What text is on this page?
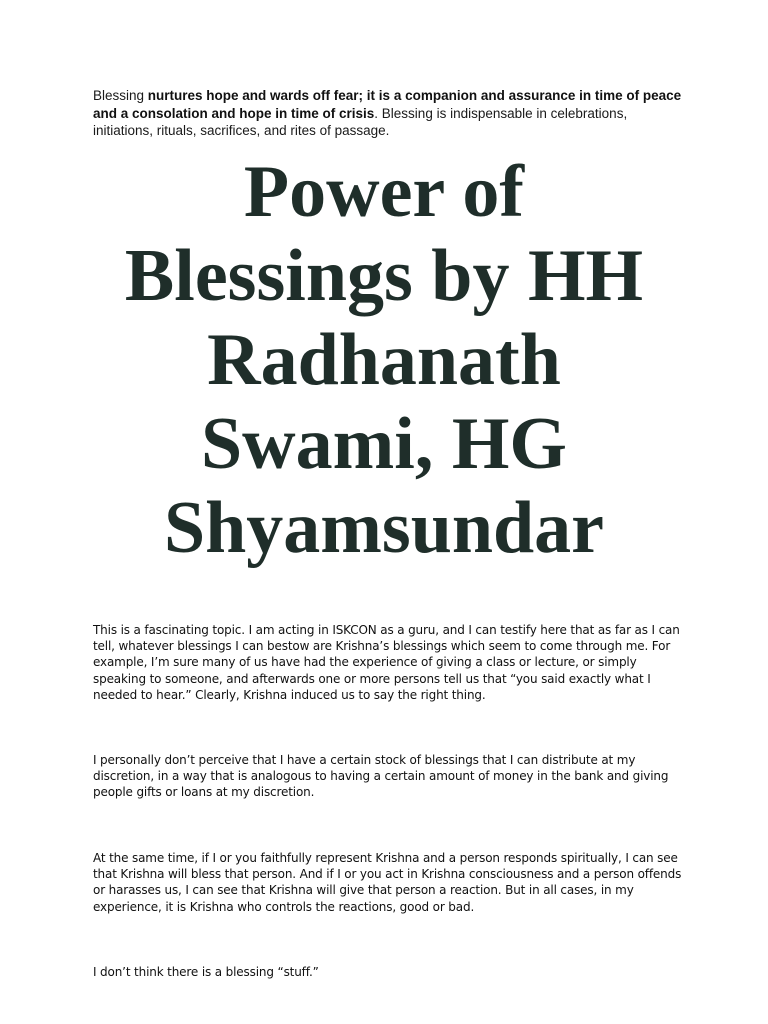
Blessing nurtures hope and wards off fear; it is a companion and assurance in time of peace and a consolation and hope in time of crisis. Blessing is indispensable in celebrations, initiations, rituals, sacrifices, and rites of passage.

Power of
Blessings by HH
Radhanath
Swami, HG
Shyamsundar

This is a fascinating topic. I am acting in ISKCON as a guru, and I can testify here that as far as I can tell, whatever blessings I can bestow are Krishna’s blessings which seem to come through me. For example, I’m sure many of us have had the experience of giving a class or lecture, or simply speaking to someone, and afterwards one or more persons tell us that “you said exactly what I needed to hear.” Clearly, Krishna induced us to say the right thing.

I personally don’t perceive that I have a certain stock of blessings that I can distribute at my discretion, in a way that is analogous to having a certain amount of money in the bank and giving people gifts or loans at my discretion.

At the same time, if I or you faithfully represent Krishna and a person responds spiritually, I can see that Krishna will bless that person. And if I or you act in Krishna consciousness and a person offends or harasses us, I can see that Krishna will give that person a reaction. But in all cases, in my experience, it is Krishna who controls the reactions, good or bad.

I don’t think there is a blessing “stuff.”
